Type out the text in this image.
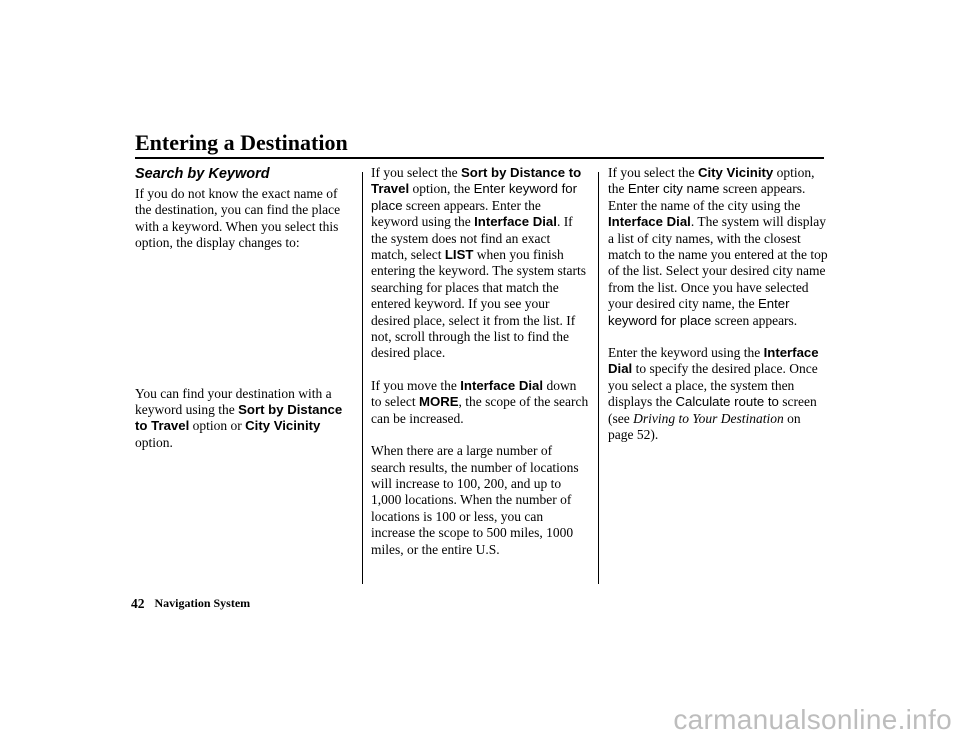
Entering a Destination
Search by Keyword

If you do not know the exact name of the destination, you can find the place with a keyword. When you select this option, the display changes to:

You can find your destination with a keyword using the Sort by Distance to Travel option or City Vicinity option.

If you select the Sort by Distance to Travel option, the Enter keyword for place screen appears. Enter the keyword using the Interface Dial. If the system does not find an exact match, select LIST when you finish entering the keyword. The system starts searching for places that match the entered keyword. If you see your desired place, select it from the list. If not, scroll through the list to find the desired place.

If you move the Interface Dial down to select MORE, the scope of the search can be increased.

When there are a large number of search results, the number of locations will increase to 100, 200, and up to 1,000 locations. When the number of locations is 100 or less, you can increase the scope to 500 miles, 1000 miles, or the entire U.S.

If you select the City Vicinity option, the Enter city name screen appears. Enter the name of the city using the Interface Dial. The system will display a list of city names, with the closest match to the name you entered at the top of the list. Select your desired city name from the list. Once you have selected your desired city name, the Enter keyword for place screen appears.

Enter the keyword using the Interface Dial to specify the desired place. Once you select a place, the system then displays the Calculate route to screen (see Driving to Your Destination on page 52).

42 Navigation System
carmanualsonline.info
